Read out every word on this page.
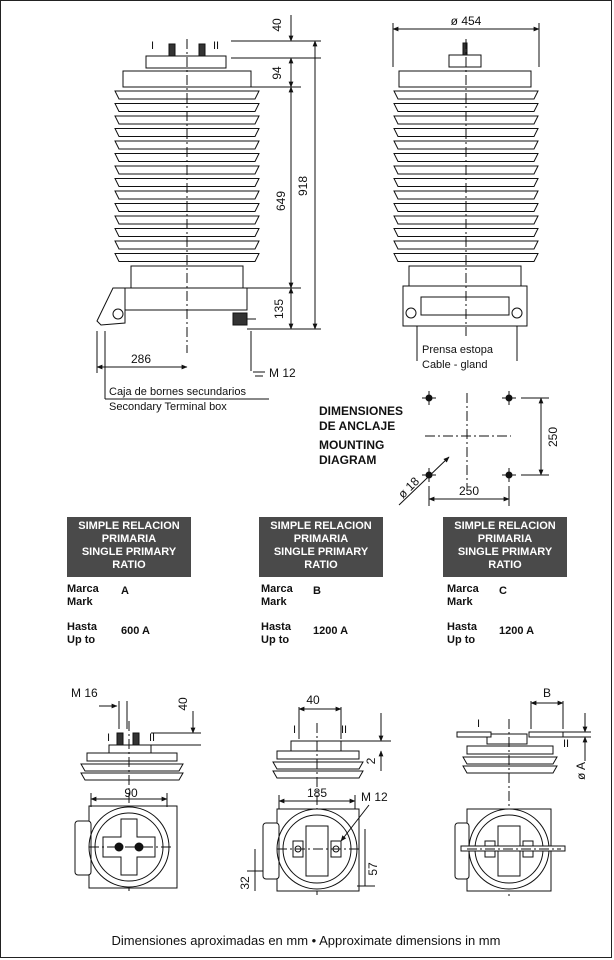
I	II
40
94
649
918
135
286
M 12
Caja de bornes secundarios
Secondary Terminal box
ø 454
Prensa estopa
Cable - gland
DIMENSIONES
DE ANCLAJE
MOUNTING
DIAGRAM
250
250
ø 18
M 16
40
90
I	II
40
2
185	M 12
32
57
I	II
B
ø A
I
II
SIMPLE RELACION
PRIMARIA
SINGLE PRIMARY
RATIO
Marca
Mark
A
Hasta
Up to
600 A
SIMPLE RELACION
PRIMARIA
SINGLE PRIMARY
RATIO
Marca
Mark
B
Hasta
Up to
1200 A
SIMPLE RELACION
PRIMARIA
SINGLE PRIMARY
RATIO
Marca
Mark
C
Hasta
Up to
1200 A
Dimensiones aproximadas en mm • Approximate dimensions in mm
